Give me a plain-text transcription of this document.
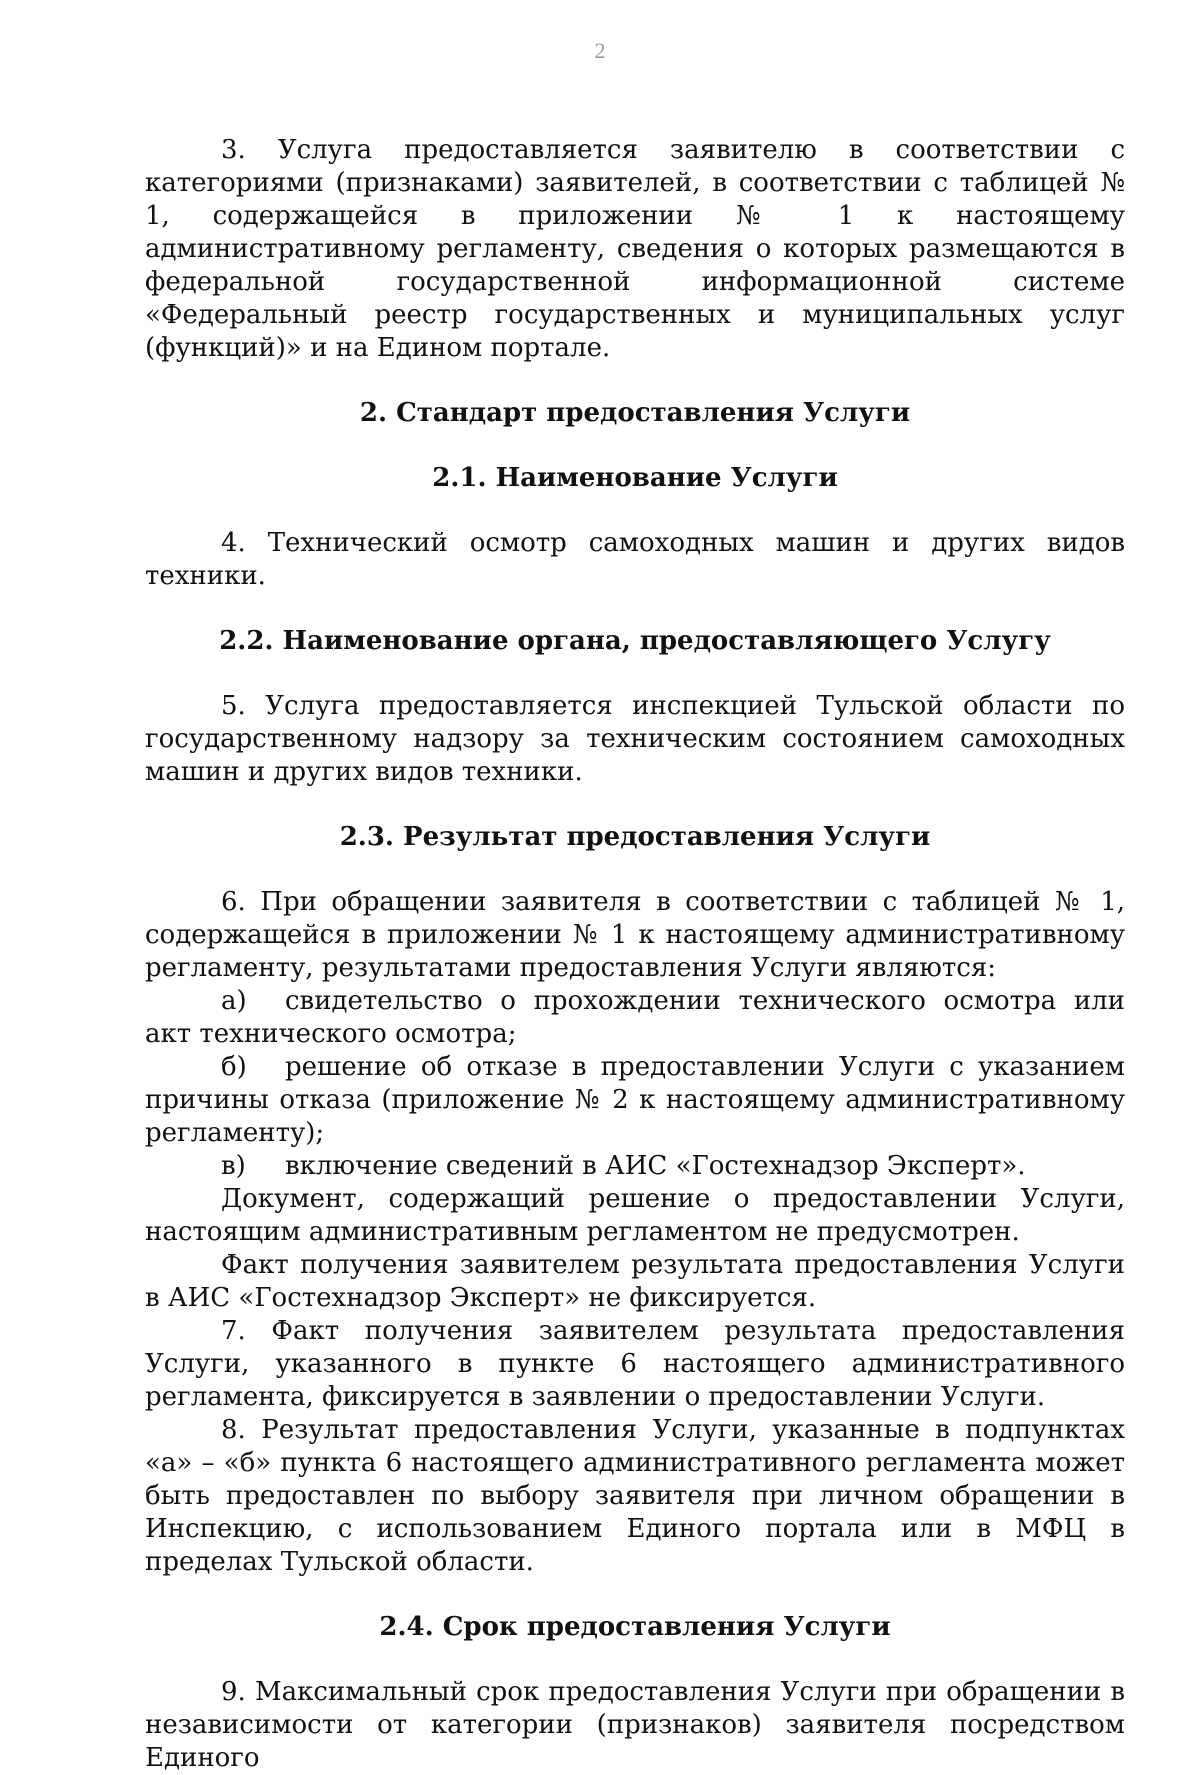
2

3. Услуга предоставляется заявителю в соответствии с категориями (признаками) заявителей, в соответствии с таблицей № 1, содержащейся в приложении № 1 к настоящему административному регламенту, сведения о которых размещаются в федеральной государственной информационной системе «Федеральный реестр государственных и муниципальных услуг (функций)» и на Едином портале.

2. Стандарт предоставления Услуги

2.1. Наименование Услуги

4. Технический осмотр самоходных машин и других видов техники.

2.2. Наименование органа, предоставляющего Услугу

5. Услуга предоставляется инспекцией Тульской области по государственному надзору за техническим состоянием самоходных машин и других видов техники.

2.3. Результат предоставления Услуги

6. При обращении заявителя в соответствии с таблицей № 1, содержащейся в приложении № 1 к настоящему административному регламенту, результатами предоставления Услуги являются:

а) свидетельство о прохождении технического осмотра или акт технического осмотра;

б) решение об отказе в предоставлении Услуги с указанием причины отказа (приложение № 2 к настоящему административному регламенту);

в) включение сведений в АИС «Гостехнадзор Эксперт».

Документ, содержащий решение о предоставлении Услуги, настоящим административным регламентом не предусмотрен.

Факт получения заявителем результата предоставления Услуги в АИС «Гостехнадзор Эксперт» не фиксируется.

7. Факт получения заявителем результата предоставления Услуги, указанного в пункте 6 настоящего административного регламента, фиксируется в заявлении о предоставлении Услуги.

8. Результат предоставления Услуги, указанные в подпунктах «а» – «б» пункта 6 настоящего административного регламента может быть предоставлен по выбору заявителя при личном обращении в Инспекцию, с использованием Единого портала или в МФЦ в пределах Тульской области.

2.4. Срок предоставления Услуги

9. Максимальный срок предоставления Услуги при обращении в независимости от категории (признаков) заявителя посредством Единого
